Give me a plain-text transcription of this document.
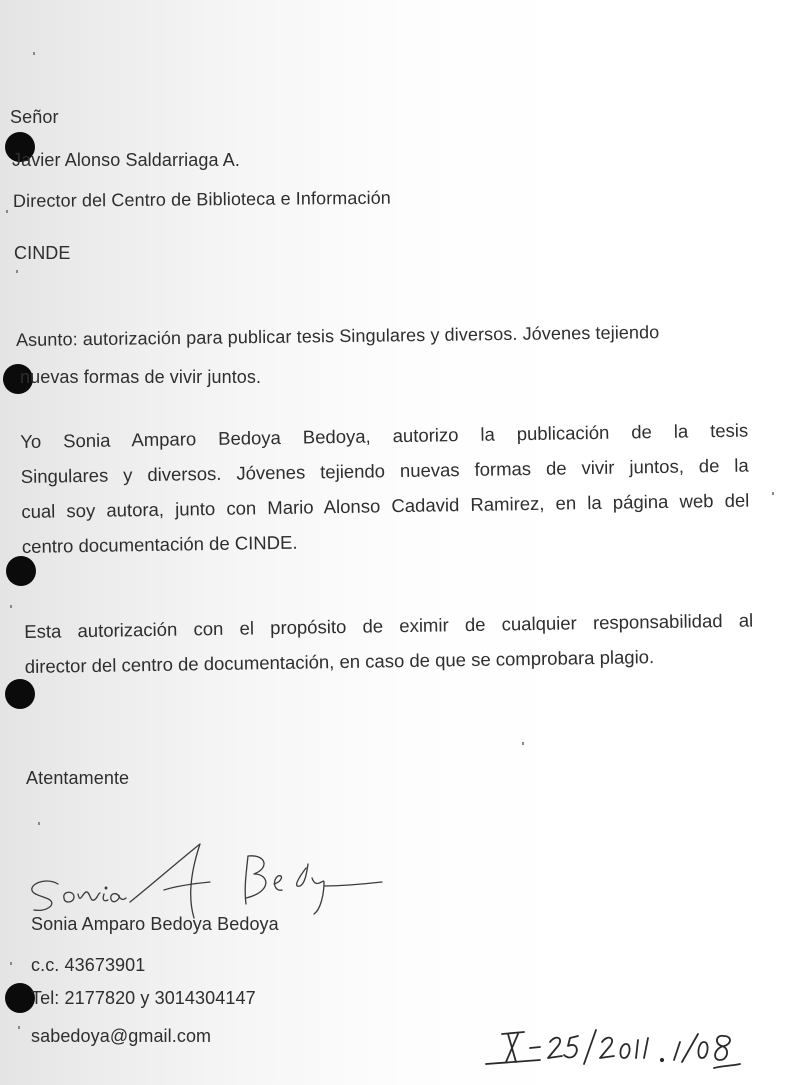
Señor
Javier Alonso Saldarriaga A.
Director del Centro de Biblioteca e Información
CINDE
Asunto: autorización para publicar tesis Singulares y diversos. Jóvenes tejiendo
nuevas formas de vivir juntos.
Yo Sonia Amparo Bedoya Bedoya, autorizo la publicación de la tesis
Singulares y diversos. Jóvenes tejiendo nuevas formas de vivir juntos, de la
cual soy autora, junto con Mario Alonso Cadavid Ramirez, en la página web del
centro documentación de CINDE.
Esta autorización con el propósito de eximir de cualquier responsabilidad al
director del centro de documentación, en caso de que se comprobara plagio.
Atentamente
Sonia Amparo Bedoya Bedoya
c.c. 43673901
Tel: 2177820 y 3014304147
sabedoya@gmail.com
